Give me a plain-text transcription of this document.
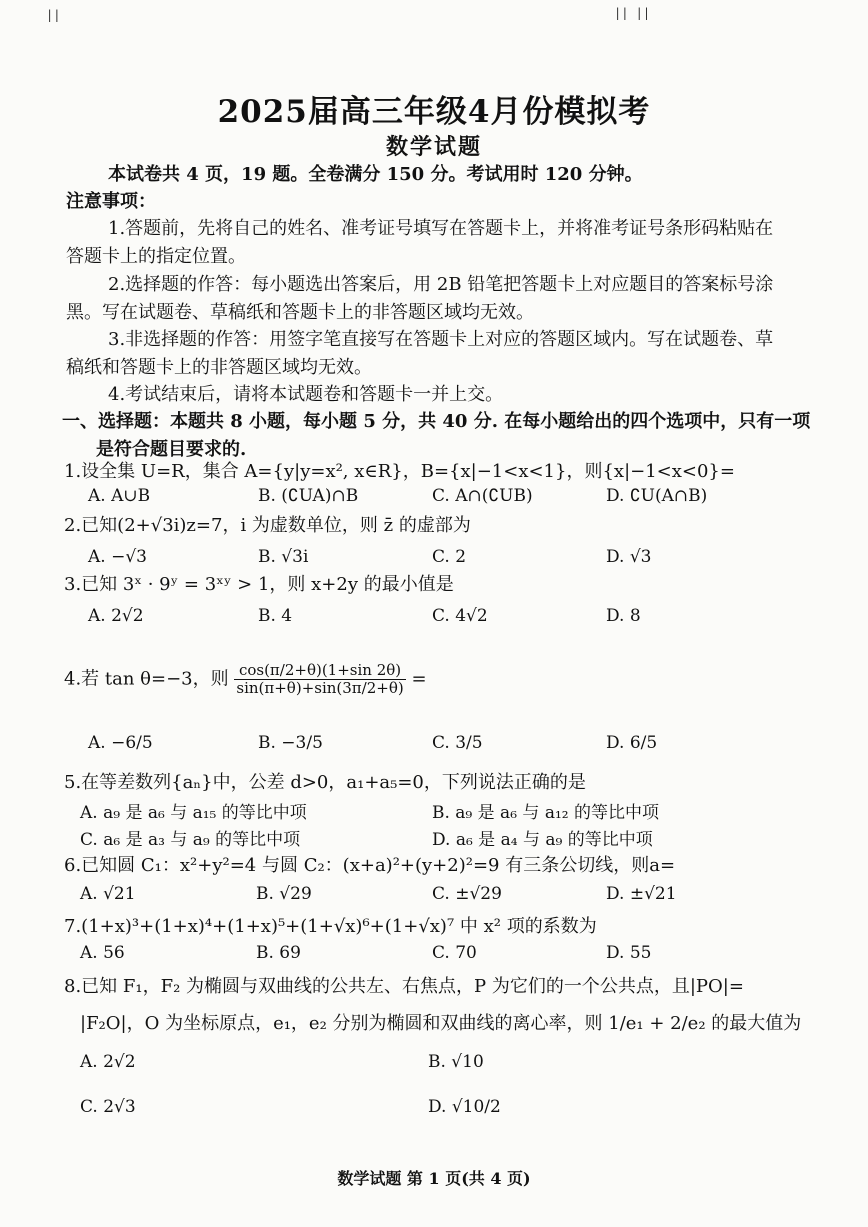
||	|| ||
2025届高三年级4月份模拟考
数学试题
本试卷共 4 页，19 题。全卷满分 150 分。考试用时 120 分钟。
注意事项：
1.答题前，先将自己的姓名、准考证号填写在答题卡上，并将准考证号条形码粘贴在
答题卡上的指定位置。
2.选择题的作答：每小题选出答案后，用 2B 铅笔把答题卡上对应题目的答案标号涂
黑。写在试题卷、草稿纸和答题卡上的非答题区域均无效。
3.非选择题的作答：用签字笔直接写在答题卡上对应的答题区域内。写在试题卷、草
稿纸和答题卡上的非答题区域均无效。
4.考试结束后，请将本试题卷和答题卡一并上交。
一、选择题：本题共 8 小题，每小题 5 分，共 40 分. 在每小题给出的四个选项中，只有一项
是符合题目要求的.
1.设全集 U=R，集合 A={y|y=x², x∈R}，B={x|−1<x<1}，则{x|−1<x<0}=
A. A∪B	B. (∁UA)∩B	C. A∩(∁UB)	D. ∁U(A∩B)
2.已知(2+√3i)z=7，i 为虚数单位，则 z̄ 的虚部为
A. −√3	B. √3i	C. 2	D. √3
3.已知 3ˣ · 9ʸ = 3ˣʸ > 1，则 x+2y 的最小值是
A. 2√2	B. 4	C. 4√2	D. 8
4.若 tan θ=−3，则 $\frac{\cos(\pi/2+\theta)(1+\sin 2\theta)}{\sin(\pi+\theta)+\sin(3\pi/2+\theta)}$ =
A. −6/5	B. −3/5	C. 3/5	D. 6/5
5.在等差数列{aₙ}中，公差 d>0，a₁+a₅=0，下列说法正确的是
A. a₉ 是 a₆ 与 a₁₅ 的等比中项	B. a₉ 是 a₆ 与 a₁₂ 的等比中项
C. a₆ 是 a₃ 与 a₉ 的等比中项	D. a₆ 是 a₄ 与 a₉ 的等比中项
6.已知圆 C₁：x²+y²=4 与圆 C₂：(x+a)²+(y+2)²=9 有三条公切线，则a=
A. √21	B. √29	C. ±√29	D. ±√21
7.(1+x)³+(1+x)⁴+(1+x)⁵+(1+√x)⁶+(1+√x)⁷ 中 x² 项的系数为
A. 56	B. 69	C. 70	D. 55
8.已知 F₁，F₂ 为椭圆与双曲线的公共左、右焦点，P 为它们的一个公共点，且|PO|=
|F₂O|，O 为坐标原点，e₁，e₂ 分别为椭圆和双曲线的离心率，则 1/e₁ + 2/e₂ 的最大值为
A. 2√2	B. √10
C. 2√3	D. √10/2
数学试题 第 1 页(共 4 页)
